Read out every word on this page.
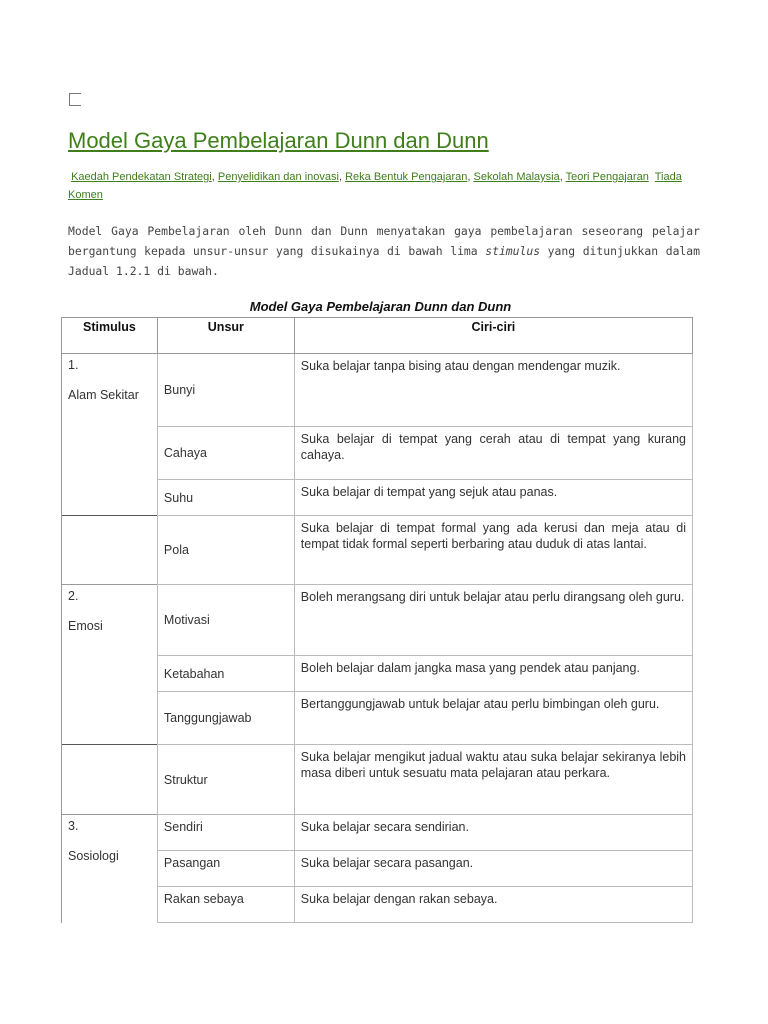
Model Gaya Pembelajaran Dunn dan Dunn
Kaedah Pendekatan Strategi, Penyelidikan dan inovasi, Reka Bentuk Pengajaran, Sekolah Malaysia, Teori Pengajaran Tiada Komen

Model Gaya Pembelajaran oleh Dunn dan Dunn menyatakan gaya pembelajaran seseorang pelajar bergantung kepada unsur-unsur yang disukainya di bawah lima stimulus yang ditunjukkan dalam Jadual 1.2.1 di bawah.

Model Gaya Pembelajaran Dunn dan Dunn
Stimulus	Unsur	Ciri-ciri

1.
Alam Sekitar	Bunyi	Suka belajar tanpa bising atau dengan mendengar muzik.
	Cahaya	Suka belajar di tempat yang cerah atau di tempat yang kurang cahaya.
	Suhu	Suka belajar di tempat yang sejuk atau panas.
	Pola	Suka belajar di tempat formal yang ada kerusi dan meja atau di tempat tidak formal seperti berbaring atau duduk di atas lantai.

2.
Emosi	Motivasi	Boleh merangsang diri untuk belajar atau perlu dirangsang oleh guru.
	Ketabahan	Boleh belajar dalam jangka masa yang pendek atau panjang.
	Tanggungjawab	Bertanggungjawab untuk belajar atau perlu bimbingan oleh guru.
	Struktur	Suka belajar mengikut jadual waktu atau suka belajar sekiranya lebih masa diberi untuk sesuatu mata pelajaran atau perkara.

3.
Sosiologi	Sendiri	Suka belajar secara sendirian.
	Pasangan	Suka belajar secara pasangan.
	Rakan sebaya	Suka belajar dengan rakan sebaya.
